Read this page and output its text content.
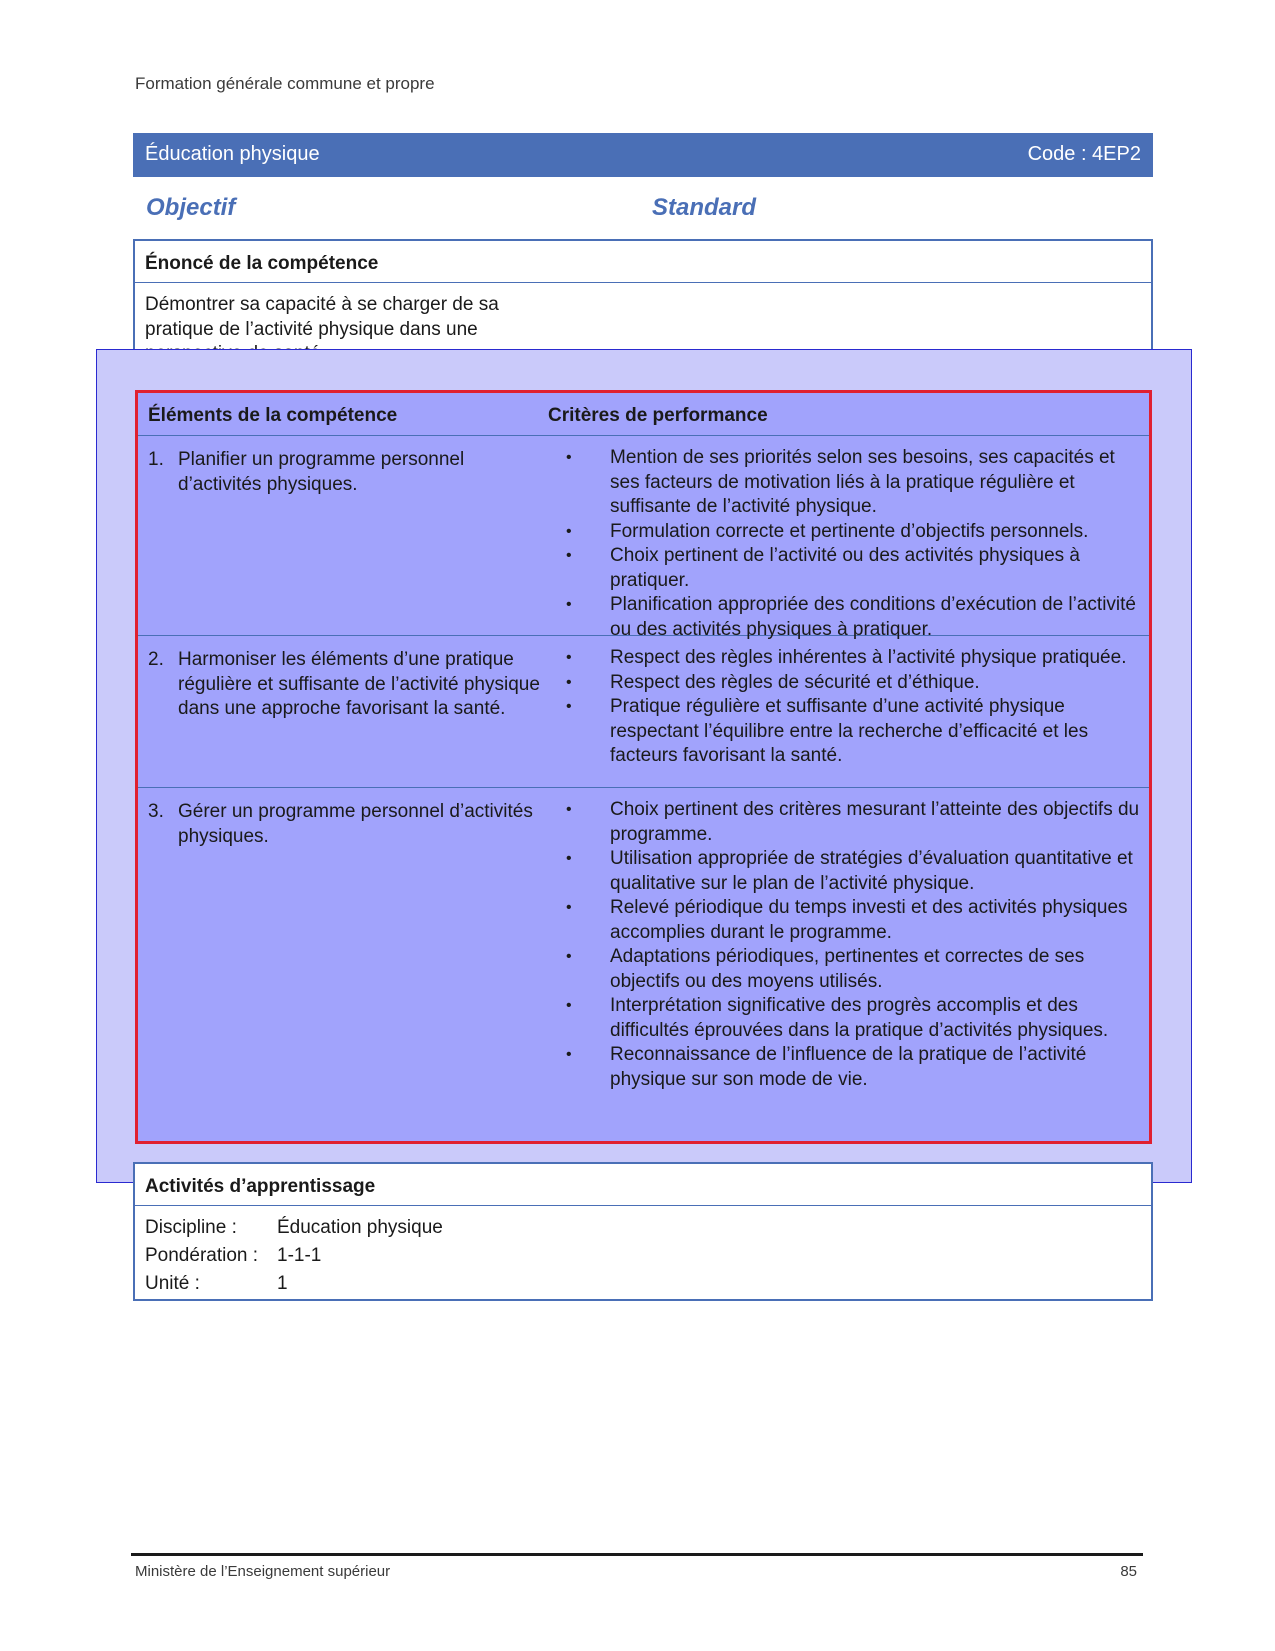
Formation générale commune et propre
Éducation physique	Code : 4EP2
Objectif	Standard
Énoncé de la compétence
Démontrer sa capacité à se charger de sa
pratique de l’activité physique dans une
Éléments de la compétence	Critères de performance
1. Planifier un programme personnel d’activités physiques.
•	Mention de ses priorités selon ses besoins, ses capacités et ses facteurs de motivation liés à la pratique régulière et suffisante de l’activité physique.
•	Formulation correcte et pertinente d’objectifs personnels.
•	Choix pertinent de l’activité ou des activités physiques à pratiquer.
•	Planification appropriée des conditions d’exécution de l’activité ou des activités physiques à pratiquer.
2. Harmoniser les éléments d’une pratique régulière et suffisante de l’activité physique dans une approche favorisant la santé.
•	Respect des règles inhérentes à l’activité physique pratiquée.
•	Respect des règles de sécurité et d’éthique.
•	Pratique régulière et suffisante d’une activité physique respectant l’équilibre entre la recherche d’efficacité et les facteurs favorisant la santé.
3. Gérer un programme personnel d’activités physiques.
•	Choix pertinent des critères mesurant l’atteinte des objectifs du programme.
•	Utilisation appropriée de stratégies d’évaluation quantitative et qualitative sur le plan de l’activité physique.
•	Relevé périodique du temps investi et des activités physiques accomplies durant le programme.
•	Adaptations périodiques, pertinentes et correctes de ses objectifs ou des moyens utilisés.
•	Interprétation significative des progrès accomplis et des difficultés éprouvées dans la pratique d’activités physiques.
•	Reconnaissance de l’influence de la pratique de l’activité physique sur son mode de vie.
Activités d’apprentissage
Discipline :	Éducation physique
Pondération : 1-1-1
Unité :	1
Ministère de l’Enseignement supérieur	85
